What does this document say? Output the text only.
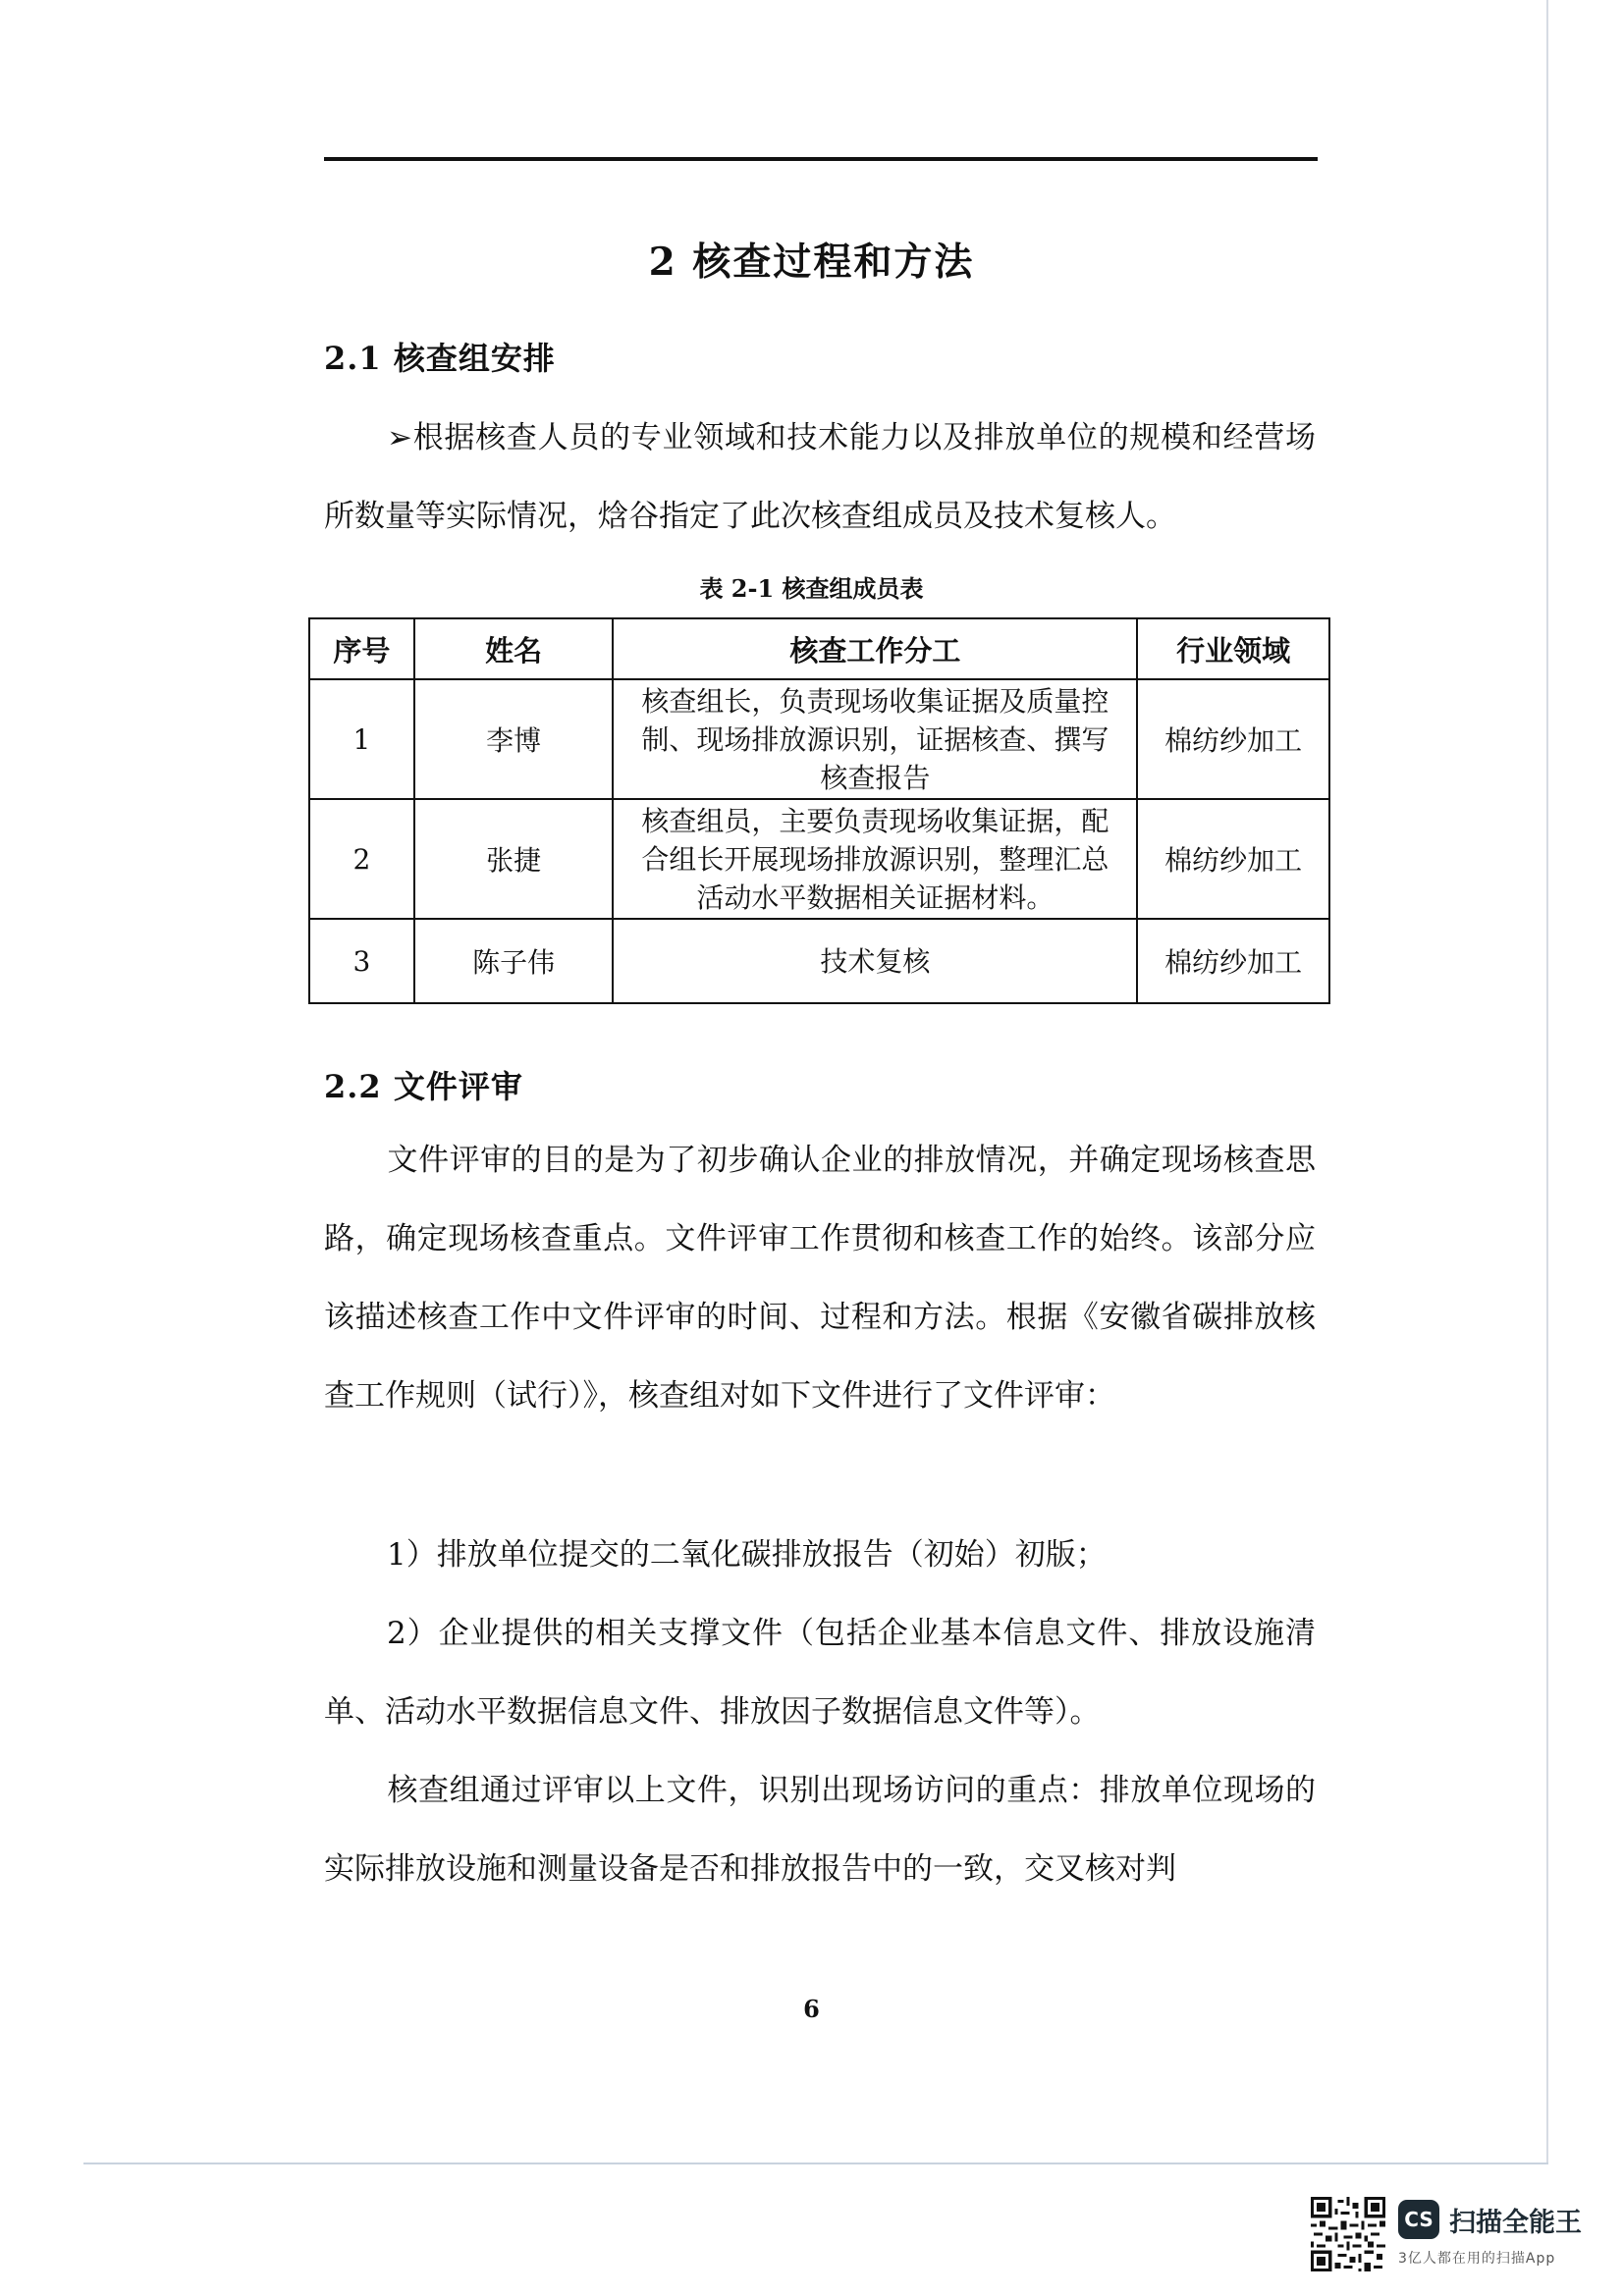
2 核查过程和方法
2.1 核查组安排

➢根据核查人员的专业领域和技术能力以及排放单位的规模和经营场所数量等实际情况，焓谷指定了此次核查组成员及技术复核人。

表 2-1 核查组成员表
序号	姓名	核查工作分工	行业领域
1	李博	核查组长，负责现场收集证据及质量控制、现场排放源识别，证据核查、撰写核查报告	棉纺纱加工
2	张捷	核查组员，主要负责现场收集证据，配合组长开展现场排放源识别，整理汇总活动水平数据相关证据材料。	棉纺纱加工
3	陈子伟	技术复核	棉纺纱加工
2.2 文件评审

文件评审的目的是为了初步确认企业的排放情况，并确定现场核查思路，确定现场核查重点。文件评审工作贯彻和核查工作的始终。该部分应该描述核查工作中文件评审的时间、过程和方法。根据《安徽省碳排放核查工作规则（试行）》，核查组对如下文件进行了文件评审：

1）排放单位提交的二氧化碳排放报告（初始）初版；

2）企业提供的相关支撑文件（包括企业基本信息文件、排放设施清单、活动水平数据信息文件、排放因子数据信息文件等）。

核查组通过评审以上文件，识别出现场访问的重点：排放单位现场的实际排放设施和测量设备是否和排放报告中的一致，交叉核对判

6
CS 扫描全能王
3亿人都在用的扫描App
